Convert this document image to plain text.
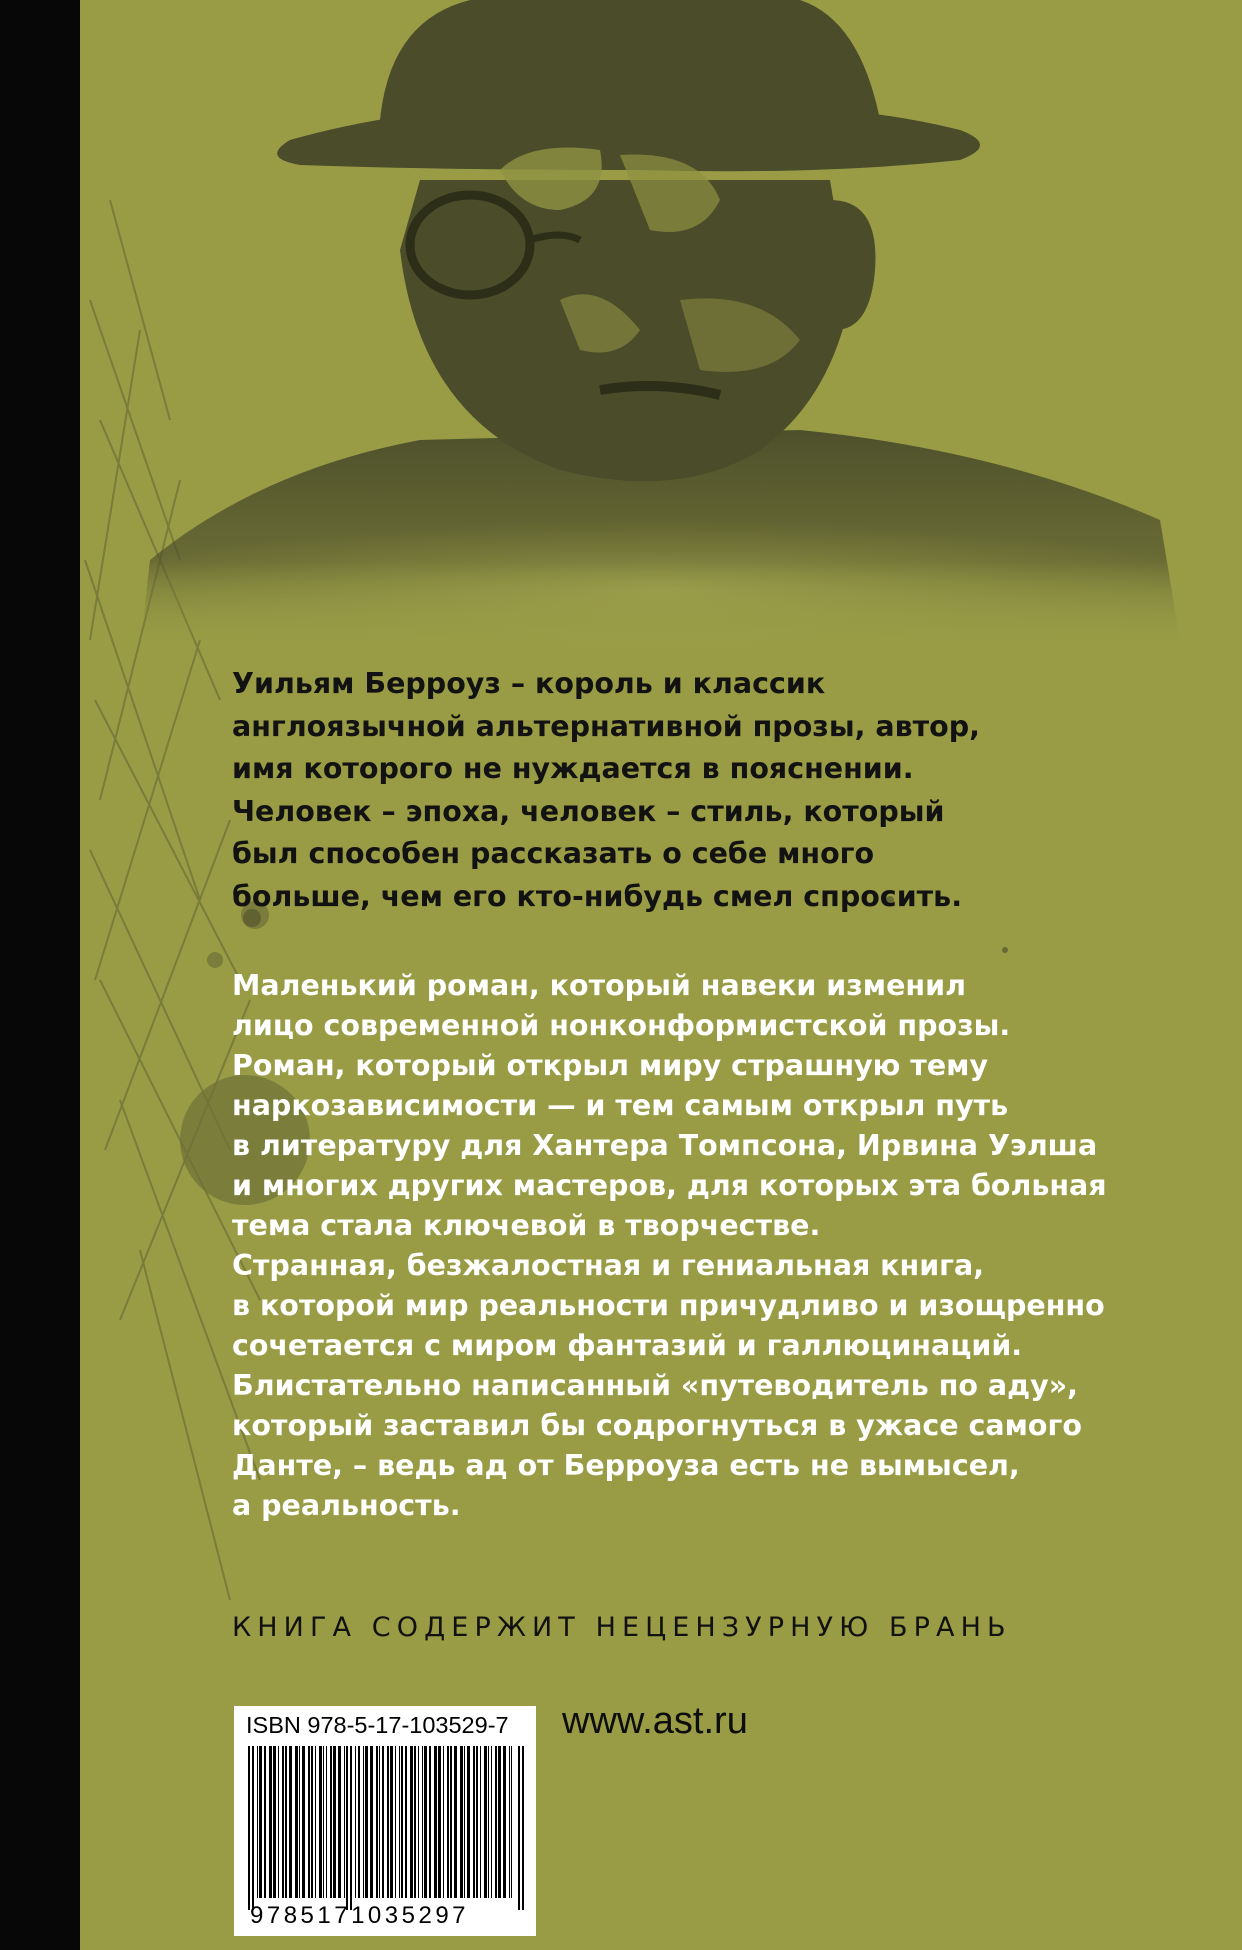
Уильям Берроуз – король и классик
англоязычной альтернативной прозы, автор,
имя которого не нуждается в пояснении.
Человек – эпоха, человек – стиль, который
был способен рассказать о себе много
больше, чем его кто-нибудь смел спросить.

Маленький роман, который навеки изменил
лицо современной нонконформистской прозы.
Роман, который открыл миру страшную тему
наркозависимости — и тем самым открыл путь
в литературу для Хантера Томпсона, Ирвина Уэлша
и многих других мастеров, для которых эта больная
тема стала ключевой в творчестве.
Странная, безжалостная и гениальная книга,
в которой мир реальности причудливо и изощренно
сочетается с миром фантазий и галлюцинаций.
Блистательно написанный «путеводитель по аду»,
который заставил бы содрогнуться в ужасе самого
Данте, – ведь ад от Берроуза есть не вымысел,
а реальность.

КНИГА СОДЕРЖИТ НЕЦЕНЗУРНУЮ БРАНЬ

ISBN 978-5-17-103529-7
9785171035297
www.ast.ru
